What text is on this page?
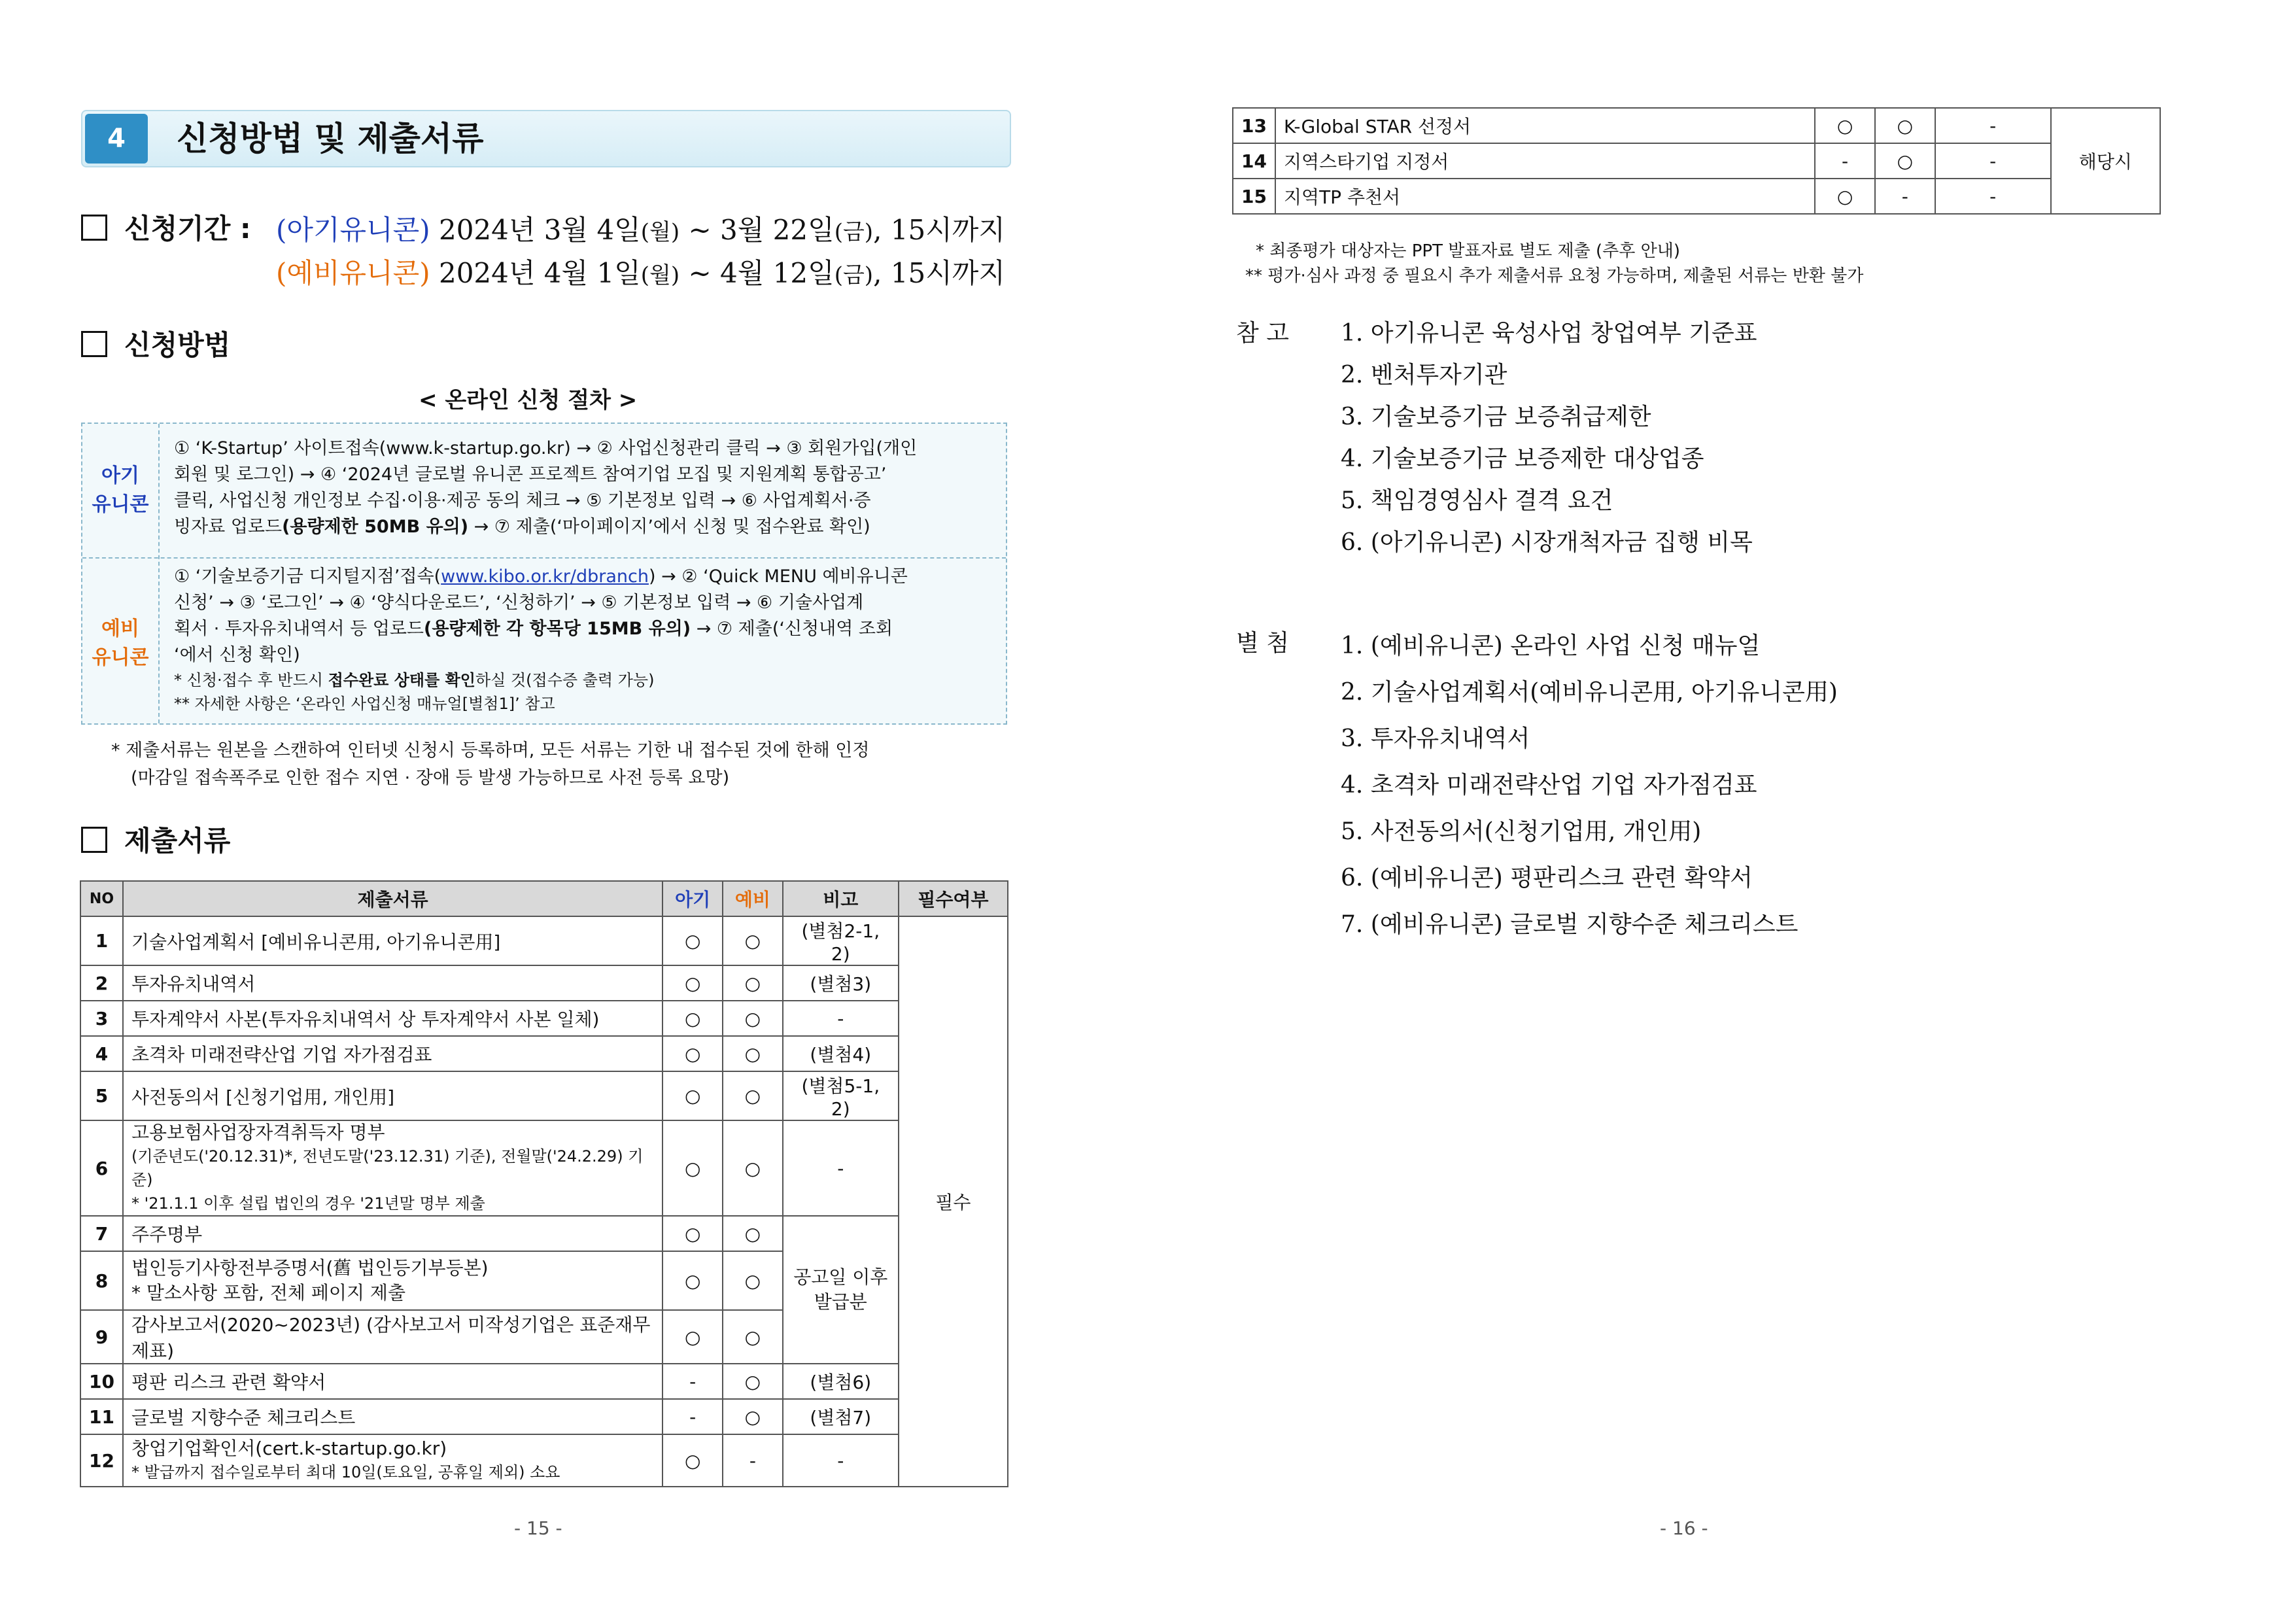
4	신청방법 및 제출서류
신청기간 : (아기유니콘) 2024년 3월 4일(월) ~ 3월 22일(금), 15시까지
(예비유니콘) 2024년 4월 1일(월) ~ 4월 12일(금), 15시까지
신청방법
< 온라인 신청 절차 >
아기
유니콘
① ‘K-Startup’ 사이트접속(www.k-startup.go.kr) → ② 사업신청관리 클릭 → ③ 회원가입(개인
회원 및 로그인) → ④ ‘2024년 글로벌 유니콘 프로젝트 참여기업 모집 및 지원계획 통합공고’
클릭, 사업신청 개인정보 수집·이용·제공 동의 체크 → ⑤ 기본정보 입력 → ⑥ 사업계획서·증
빙자료 업로드(용량제한 50MB 유의) → ⑦ 제출(‘마이페이지’에서 신청 및 접수완료 확인)
예비
유니콘
① ‘기술보증기금 디지털지점’접속(www.kibo.or.kr/dbranch) → ② ‘Quick MENU 예비유니콘
신청’ → ③ ‘로그인’ → ④ ‘양식다운로드’, ‘신청하기’ → ⑤ 기본정보 입력 → ⑥ 기술사업계
획서 · 투자유치내역서 등 업로드(용량제한 각 항목당 15MB 유의) → ⑦ 제출(‘신청내역 조회
‘에서 신청 확인)
* 신청·접수 후 반드시 접수완료 상태를 확인하실 것(접수증 출력 가능)
** 자세한 사항은 ‘온라인 사업신청 매뉴얼[별첨1]’ 참고
* 제출서류는 원본을 스캔하여 인터넷 신청시 등록하며, 모든 서류는 기한 내 접수된 것에 한해 인정
(마감일 접속폭주로 인한 접수 지연 · 장애 등 발생 가능하므로 사전 등록 요망)
제출서류
NO	제출서류	아기	예비	비고	필수여부
1	기술사업계획서 [예비유니콘用, 아기유니콘用]	○	○	(별첨2-1, 2)	필수
2	투자유치내역서	○	○	(별첨3)	
3	투자계약서 사본(투자유치내역서 상 투자계약서 사본 일체)	○	○	-	
4	초격차 미래전략산업 기업 자가점검표	○	○	(별첨4)	
5	사전동의서 [신청기업用, 개인用]	○	○	(별첨5-1, 2)	
6	고용보험사업장자격취득자 명부
(기준년도('20.12.31)*, 전년도말('23.12.31) 기준), 전월말('24.2.29) 기준)
* '21.1.1 이후 설립 법인의 경우 '21년말 명부 제출	○	○	-	
7	주주명부	○	○	공고일 이후 발급분	
8	법인등기사항전부증명서(舊 법인등기부등본)
* 말소사항 포함, 전체 페이지 제출	○	○		
9	감사보고서(2020~2023년) (감사보고서 미작성기업은 표준재무제표)	○	○		
10	평판 리스크 관련 확약서	-	○	(별첨6)	
11	글로벌 지향수준 체크리스트	-	○	(별첨7)	
12	창업기업확인서(cert.k-startup.go.kr)
* 발급까지 접수일로부터 최대 10일(토요일, 공휴일 제외) 소요	○	-	-	
- 15 -
13	K-Global STAR 선정서	○	○	-	해당시
14	지역스타기업 지정서	-	○	-	
15	지역TP 추천서	○	-	-	
* 최종평가 대상자는 PPT 발표자료 별도 제출 (추후 안내)
** 평가·심사 과정 중 필요시 추가 제출서류 요청 가능하며, 제출된 서류는 반환 불가
참 고 1. 아기유니콘 육성사업 창업여부 기준표
2. 벤처투자기관
3. 기술보증기금 보증취급제한
4. 기술보증기금 보증제한 대상업종
5. 책임경영심사 결격 요건
6. (아기유니콘) 시장개척자금 집행 비목
별 첨 1. (예비유니콘) 온라인 사업 신청 매뉴얼
2. 기술사업계획서(예비유니콘用, 아기유니콘用)
3. 투자유치내역서
4. 초격차 미래전략산업 기업 자가점검표
5. 사전동의서(신청기업用, 개인用)
6. (예비유니콘) 평판리스크 관련 확약서
7. (예비유니콘) 글로벌 지향수준 체크리스트
- 16 -
